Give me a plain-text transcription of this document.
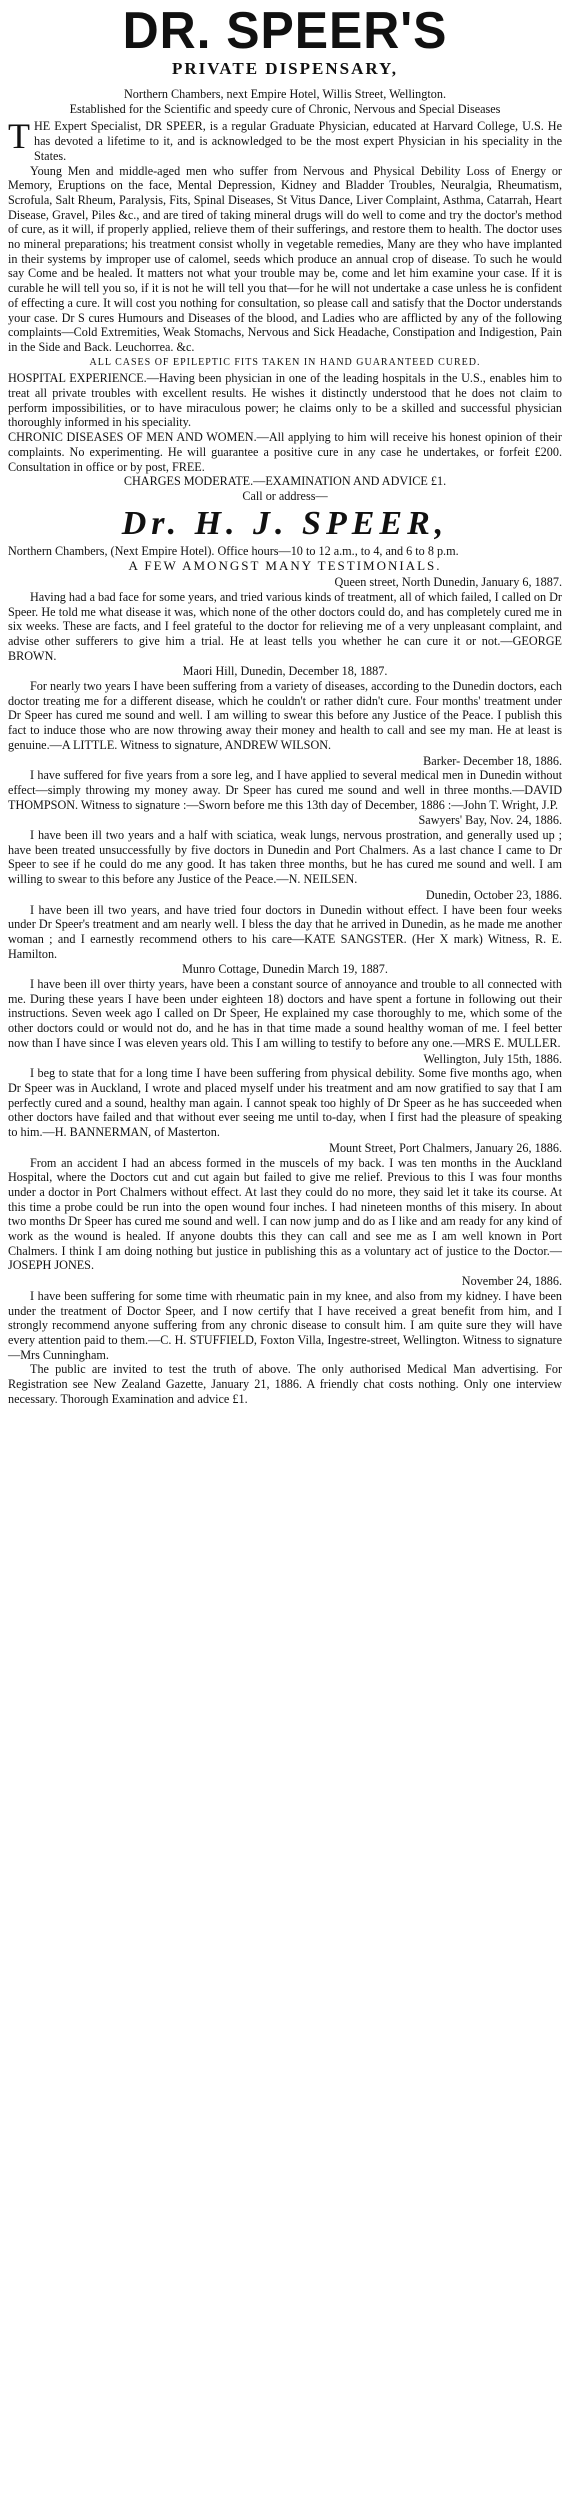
DR. SPEER'S
PRIVATE DISPENSARY,

Northern Chambers, next Empire Hotel, Willis Street, Wellington.

Established for the Scientific and speedy cure of Chronic, Nervous and Special Diseases

THE Expert Specialist, DR SPEER, is a regular Graduate Physician, educated at Harvard College, U.S. He has devoted a lifetime to it, and is acknowledged to be the most expert Physician in his speciality in the States.

Young Men and middle-aged men who suffer from Nervous and Physical Debility Loss of Energy or Memory, Eruptions on the face, Mental Depression, Kidney and Bladder Troubles, Neuralgia, Rheumatism, Scrofula, Salt Rheum, Paralysis, Fits, Spinal Diseases, St Vitus Dance, Liver Complaint, Asthma, Catarrah, Heart Disease, Gravel, Piles &c., and are tired of taking mineral drugs will do well to come and try the doctor's method of cure, as it will, if properly applied, relieve them of their sufferings, and restore them to health. The doctor uses no mineral preparations; his treatment consist wholly in vegetable remedies, Many are they who have implanted in their systems by improper use of calomel, seeds which produce an annual crop of disease. To such he would say Come and be healed. It matters not what your trouble may be, come and let him examine your case. If it is curable he will tell you so, if it is not he will tell you that—for he will not undertake a case unless he is confident of effecting a cure. It will cost you nothing for consultation, so please call and satisfy that the Doctor understands your case. Dr S cures Humours and Diseases of the blood, and Ladies who are afflicted by any of the following complaints—Cold Extremities, Weak Stomachs, Nervous and Sick Headache, Constipation and Indigestion, Pain in the Side and Back. Leuchorrea. &c.

ALL CASES OF EPILEPTIC FITS TAKEN IN HAND GUARANTEED CURED.

HOSPITAL EXPERIENCE.—Having been physician in one of the leading hospitals in the U.S., enables him to treat all private troubles with excellent results. He wishes it distinctly understood that he does not claim to perform impossibilities, or to have miraculous power; he claims only to be a skilled and successful physician thoroughly informed in his speciality.

CHRONIC DISEASES OF MEN AND WOMEN.—All applying to him will receive his honest opinion of their complaints. No experimenting. He will guarantee a positive cure in any case he undertakes, or forfeit £200. Consultation in office or by post, FREE.

CHARGES MODERATE.—EXAMINATION AND ADVICE £1.

Call or address—

Dr. H. J. SPEER,

Northern Chambers, (Next Empire Hotel). Office hours—10 to 12 a.m., to 4, and 6 to 8 p.m.

A FEW AMONGST MANY TESTIMONIALS.
Queen street, North Dunedin, January 6, 1887.

Having had a bad face for some years, and tried various kinds of treatment, all of which failed, I called on Dr Speer. He told me what disease it was, which none of the other doctors could do, and has completely cured me in six weeks. These are facts, and I feel grateful to the doctor for relieving me of a very unpleasant complaint, and advise other sufferers to give him a trial. He at least tells you whether he can cure it or not.—GEORGE BROWN.

Maori Hill, Dunedin, December 18, 1887.

For nearly two years I have been suffering from a variety of diseases, according to the Dunedin doctors, each doctor treating me for a different disease, which he couldn't or rather didn't cure. Four months' treatment under Dr Speer has cured me sound and well. I am willing to swear this before any Justice of the Peace. I publish this fact to induce those who are now throwing away their money and health to call and see my man. He at least is genuine.—A LITTLE. Witness to signature, ANDREW WILSON.

Barker- December 18, 1886.

I have suffered for five years from a sore leg, and I have applied to several medical men in Dunedin without effect—simply throwing my money away. Dr Speer has cured me sound and well in three months.—DAVID THOMPSON. Witness to signature :—Sworn before me this 13th day of December, 1886 :—John T. Wright, J.P.

Sawyers' Bay, Nov. 24, 1886.

I have been ill two years and a half with sciatica, weak lungs, nervous prostration, and generally used up ; have been treated unsuccessfully by five doctors in Dunedin and Port Chalmers. As a last chance I came to Dr Speer to see if he could do me any good. It has taken three months, but he has cured me sound and well. I am willing to swear to this before any Justice of the Peace.—N. NEILSEN.

Dunedin, October 23, 1886.

I have been ill two years, and have tried four doctors in Dunedin without effect. I have been four weeks under Dr Speer's treatment and am nearly well. I bless the day that he arrived in Dunedin, as he made me another woman ; and I earnestly recommend others to his care—KATE SANGSTER. (Her X mark) Witness, R. E. Hamilton.

Munro Cottage, Dunedin March 19, 1887.

I have been ill over thirty years, have been a constant source of annoyance and trouble to all connected with me. During these years I have been under eighteen 18) doctors and have spent a fortune in following out their instructions. Seven week ago I called on Dr Speer, He explained my case thoroughly to me, which some of the other doctors could or would not do, and he has in that time made a sound healthy woman of me. I feel better now than I have since I was eleven years old. This I am willing to testify to before any one.—MRS E. MULLER.

Wellington, July 15th, 1886.

I beg to state that for a long time I have been suffering from physical debility. Some five months ago, when Dr Speer was in Auckland, I wrote and placed myself under his treatment and am now gratified to say that I am perfectly cured and a sound, healthy man again. I cannot speak too highly of Dr Speer as he has succeeded when other doctors have failed and that without ever seeing me until to-day, when I first had the pleasure of speaking to him.—H. BANNERMAN, of Masterton.

Mount Street, Port Chalmers, January 26, 1886.

From an accident I had an abcess formed in the muscels of my back. I was ten months in the Auckland Hospital, where the Doctors cut and cut again but failed to give me relief. Previous to this I was four months under a doctor in Port Chalmers without effect. At last they could do no more, they said let it take its course. At this time a probe could be run into the open wound four inches. I had nineteen months of this misery. In about two months Dr Speer has cured me sound and well. I can now jump and do as I like and am ready for any kind of work as the wound is healed. If anyone doubts this they can call and see me as I am well known in Port Chalmers. I think I am doing nothing but justice in publishing this as a voluntary act of justice to the Doctor.—JOSEPH JONES.

November 24, 1886.

I have been suffering for some time with rheumatic pain in my knee, and also from my kidney. I have been under the treatment of Doctor Speer, and I now certify that I have received a great benefit from him, and I strongly recommend anyone suffering from any chronic disease to consult him. I am quite sure they will have every attention paid to them.—C. H. STUFFIELD, Foxton Villa, Ingestre-street, Wellington. Witness to signature—Mrs Cunningham.

The public are invited to test the truth of above. The only authorised Medical Man advertising. For Registration see New Zealand Gazette, January 21, 1886. A friendly chat costs nothing. Only one interview necessary. Thorough Examination and advice £1.
